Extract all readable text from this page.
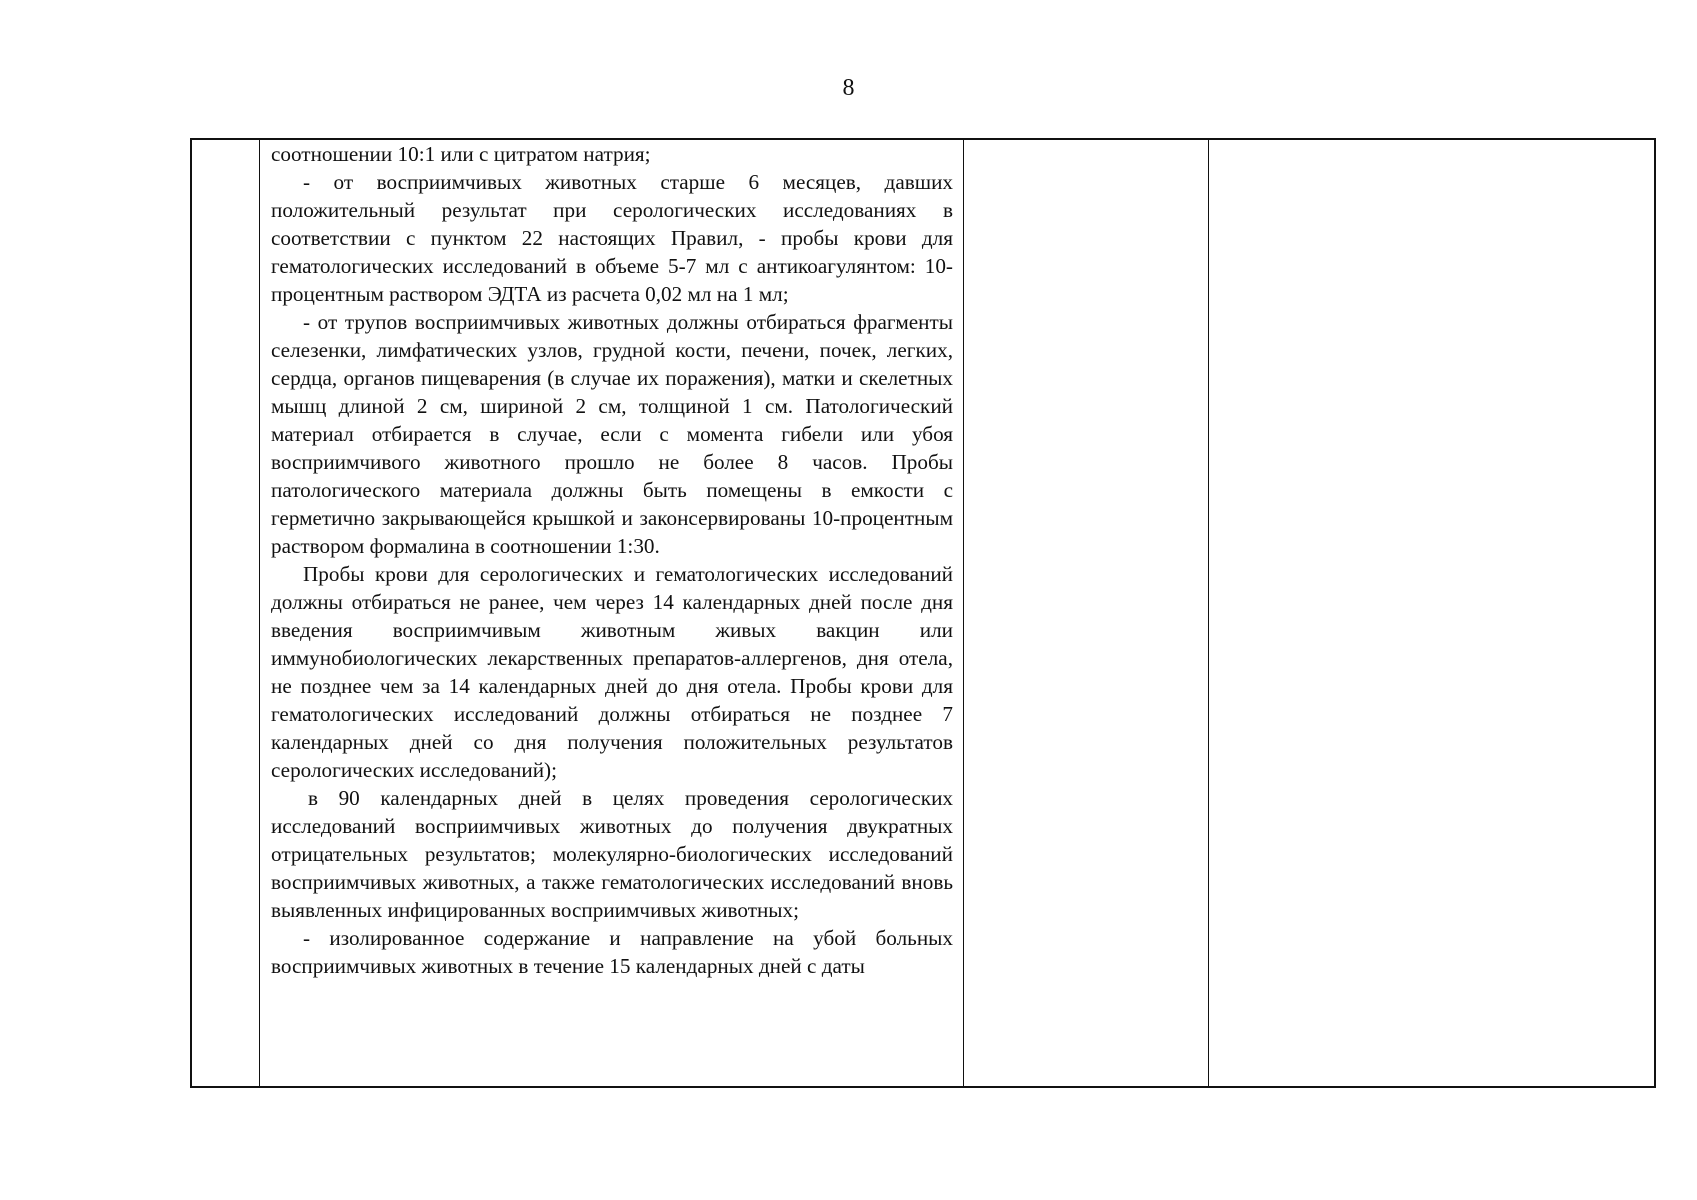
8

соотношении 10:1 или с цитратом натрия;

- от восприимчивых животных старше 6 месяцев, давших положительный результат при серологических исследованиях в соответствии с пунктом 22 настоящих Правил, - пробы крови для гематологических исследований в объеме 5-7 мл с антикоагулянтом: 10-процентным раствором ЭДТА из расчета 0,02 мл на 1 мл;

- от трупов восприимчивых животных должны отбираться фрагменты селезенки, лимфатических узлов, грудной кости, печени, почек, легких, сердца, органов пищеварения (в случае их поражения), матки и скелетных мышц длиной 2 см, шириной 2 см, толщиной 1 см. Патологический материал отбирается в случае, если с момента гибели или убоя восприимчивого животного прошло не более 8 часов. Пробы патологического материала должны быть помещены в емкости с герметично закрывающейся крышкой и законсервированы 10-процентным раствором формалина в соотношении 1:30.

Пробы крови для серологических и гематологических исследований должны отбираться не ранее, чем через 14 календарных дней после дня введения восприимчивым животным живых вакцин или иммунобиологических лекарственных препаратов-аллергенов, дня отела, не позднее чем за 14 календарных дней до дня отела. Пробы крови для гематологических исследований должны отбираться не позднее 7 календарных дней со дня получения положительных результатов серологических исследований);

в 90 календарных дней в целях проведения серологических исследований восприимчивых животных до получения двукратных отрицательных результатов; молекулярно-биологических исследований восприимчивых животных, а также гематологических исследований вновь выявленных инфицированных восприимчивых животных;

- изолированное содержание и направление на убой больных восприимчивых животных в течение 15 календарных дней с даты
